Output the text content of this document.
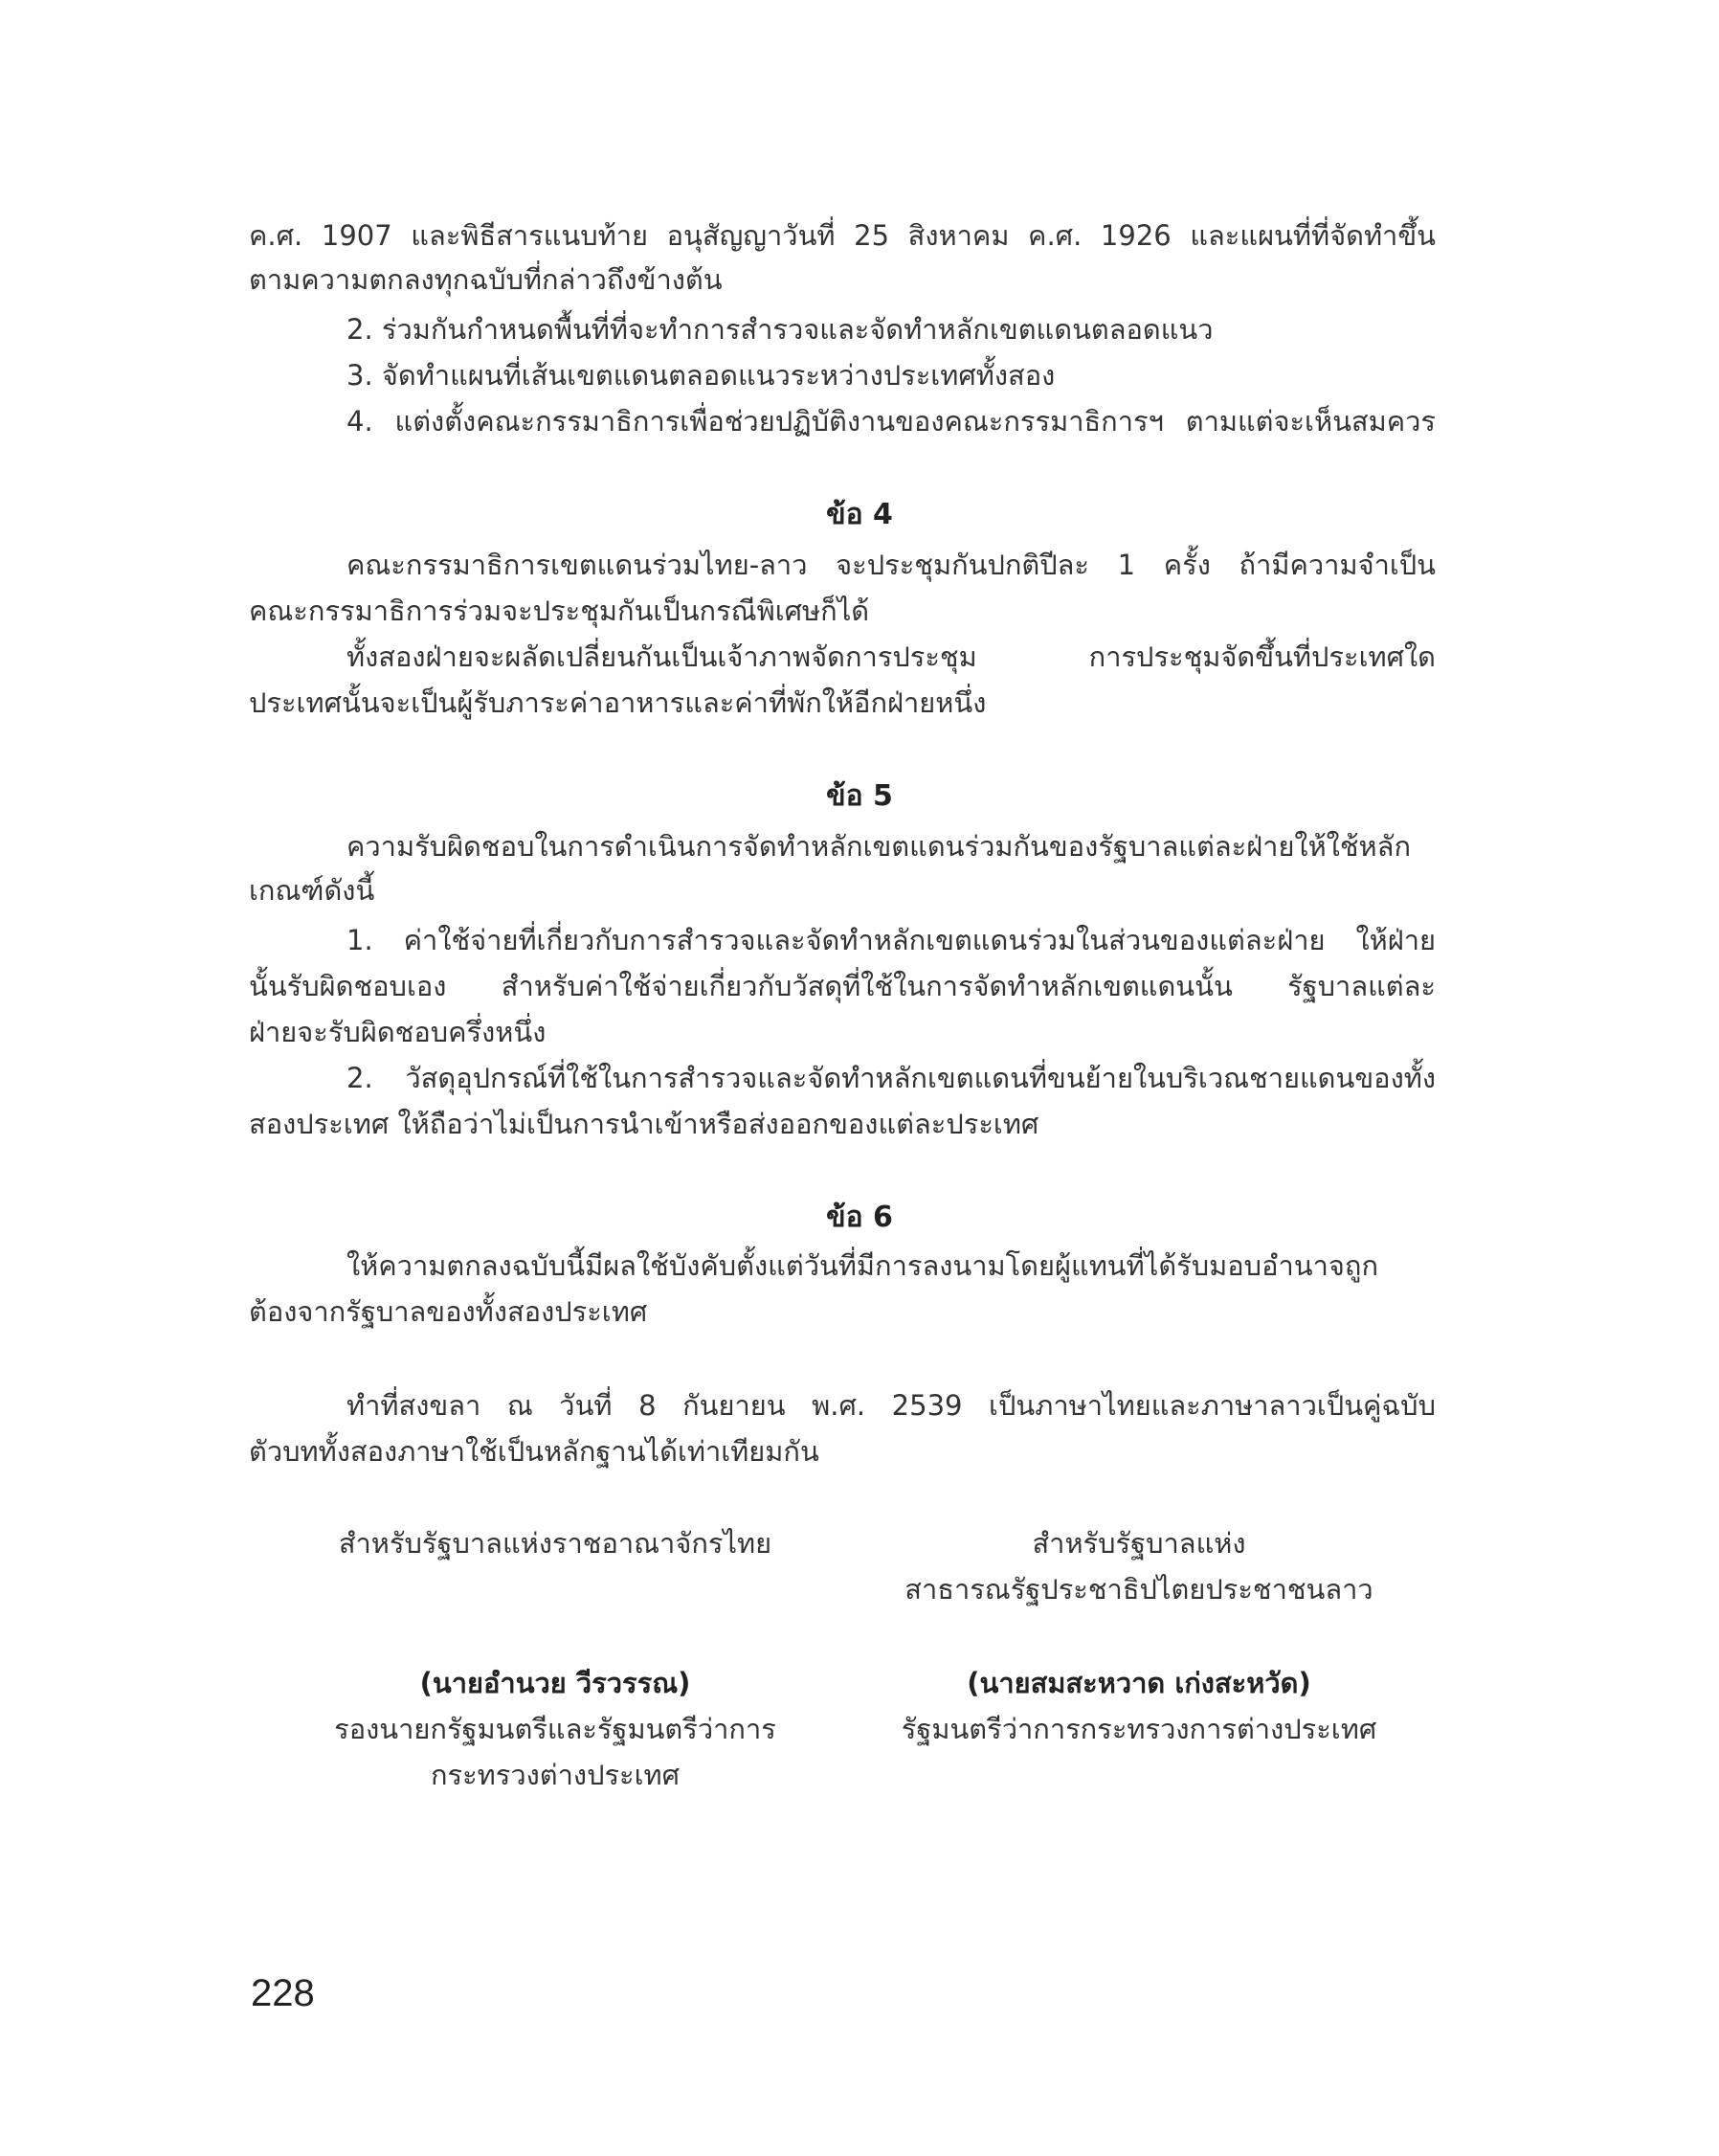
ค.ศ. 1907 และพิธีสารแนบท้าย อนุสัญญาวันที่ 25 สิงหาคม ค.ศ. 1926 และแผนที่ที่จัดทำขึ้น
ตามความตกลงทุกฉบับที่กล่าวถึงข้างต้น
2. ร่วมกันกำหนดพื้นที่ที่จะทำการสำรวจและจัดทำหลักเขตแดนตลอดแนว
3. จัดทำแผนที่เส้นเขตแดนตลอดแนวระหว่างประเทศทั้งสอง
4. แต่งตั้งคณะกรรมาธิการเพื่อช่วยปฏิบัติงานของคณะกรรมาธิการฯ ตามแต่จะเห็นสมควร
ข้อ 4
คณะกรรมาธิการเขตแดนร่วมไทย-ลาว จะประชุมกันปกติปีละ 1 ครั้ง ถ้ามีความจำเป็น
คณะกรรมาธิการร่วมจะประชุมกันเป็นกรณีพิเศษก็ได้
ทั้งสองฝ่ายจะผลัดเปลี่ยนกันเป็นเจ้าภาพจัดการประชุม การประชุมจัดขึ้นที่ประเทศใด
ประเทศนั้นจะเป็นผู้รับภาระค่าอาหารและค่าที่พักให้อีกฝ่ายหนึ่ง
ข้อ 5
ความรับผิดชอบในการดำเนินการจัดทำหลักเขตแดนร่วมกันของรัฐบาลแต่ละฝ่ายให้ใช้หลัก
เกณฑ์ดังนี้
1. ค่าใช้จ่ายที่เกี่ยวกับการสำรวจและจัดทำหลักเขตแดนร่วมในส่วนของแต่ละฝ่าย ให้ฝ่าย
นั้นรับผิดชอบเอง สำหรับค่าใช้จ่ายเกี่ยวกับวัสดุที่ใช้ในการจัดทำหลักเขตแดนนั้น รัฐบาลแต่ละ
ฝ่ายจะรับผิดชอบครึ่งหนึ่ง
2. วัสดุอุปกรณ์ที่ใช้ในการสำรวจและจัดทำหลักเขตแดนที่ขนย้ายในบริเวณชายแดนของทั้ง
สองประเทศ ให้ถือว่าไม่เป็นการนำเข้าหรือส่งออกของแต่ละประเทศ
ข้อ 6
ให้ความตกลงฉบับนี้มีผลใช้บังคับตั้งแต่วันที่มีการลงนามโดยผู้แทนที่ได้รับมอบอำนาจถูก
ต้องจากรัฐบาลของทั้งสองประเทศ
ทำที่สงขลา ณ วันที่ 8 กันยายน พ.ศ. 2539 เป็นภาษาไทยและภาษาลาวเป็นคู่ฉบับ
ตัวบททั้งสองภาษาใช้เป็นหลักฐานได้เท่าเทียมกัน
สำหรับรัฐบาลแห่งราชอาณาจักรไทย	สำหรับรัฐบาลแห่ง
สาธารณรัฐประชาธิปไตยประชาชนลาว
(นายอำนวย วีรวรรณ)	(นายสมสะหวาด เก่งสะหวัด)
รองนายกรัฐมนตรีและรัฐมนตรีว่าการ	รัฐมนตรีว่าการกระทรวงการต่างประเทศ
กระทรวงต่างประเทศ
228
